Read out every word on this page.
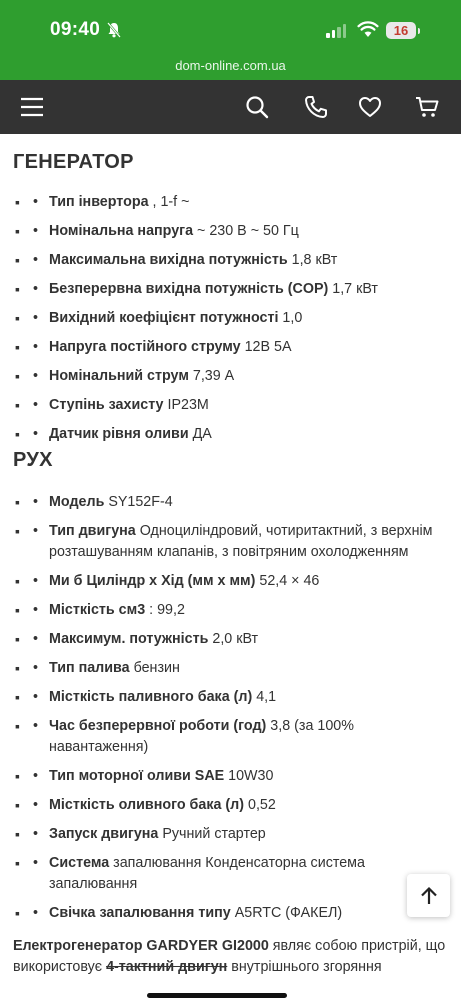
09:40	16
dom-online.com.ua
ГЕНЕРАТОР
▪ • Тип інвертора , 1-f ~
▪ • Номінальна напруга ~ 230 В ~ 50 Гц
▪ • Максимальна вихідна потужність 1,8 кВт
▪ • Безперервна вихідна потужність (COP) 1,7 кВт
▪ • Вихідний коефіцієнт потужності 1,0
▪ • Напруга постійного струму 12В 5А
▪ • Номінальний струм 7,39 А
▪ • Ступінь захисту IP23M
▪ • Датчик рівня оливи ДА
РУХ
▪ • Модель SY152F-4
▪ • Тип двигуна Одноциліндровий, чотиритактний, з верхнім розташуванням клапанів, з повітряним охолодженням
▪ • Ми б Циліндр x Хід (мм x мм) 52,4 × 46
▪ • Місткість см3 : 99,2
▪ • Максимум. потужність 2,0 кВт
▪ • Тип палива бензин
▪ • Місткість паливного бака (л) 4,1
▪ • Час безперервної роботи (год) 3,8 (за 100% навантаження)
▪ • Тип моторної оливи SAE 10W30
▪ • Місткість оливного бака (л) 0,52
▪ • Запуск двигуна Ручний стартер
▪ • Система запалювання Конденсаторна система запалювання
▪ • Свічка запалювання типу A5RTC (ФАКЕЛ)
Електрогенератор GARDYER GI2000 являє собою пристрій, що використовує 4-тактний двигун внутрішнього згоряння
